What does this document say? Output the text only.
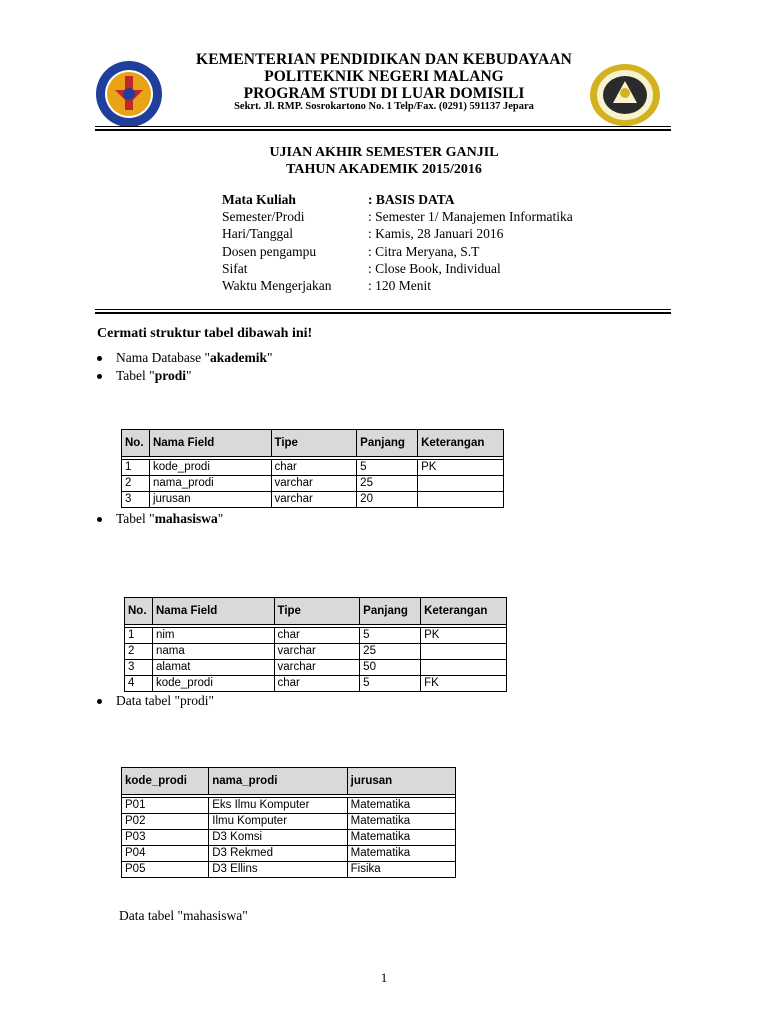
KEMENTERIAN PENDIDIKAN DAN KEBUDAYAAN
POLITEKNIK NEGERI MALANG
PROGRAM STUDI DI LUAR DOMISILI
Sekrt. Jl. RMP. Sosrokartono No. 1 Telp/Fax. (0291) 591137 Jepara
UJIAN AKHIR SEMESTER GANJIL
TAHUN AKADEMIK 2015/2016
Mata Kuliah	: BASIS DATA
Semester/Prodi	: Semester 1/ Manajemen Informatika
Hari/Tanggal	: Kamis, 28 Januari 2016
Dosen pengampu	: Citra Meryana, S.T
Sifat	: Close Book, Individual
Waktu Mengerjakan	: 120 Menit
Cermati struktur tabel dibawah ini!
Nama Database "akademik"
Tabel "prodi"
No.	Nama Field	Tipe	Panjang	Keterangan

1	kode_prodi	char	5	PK
2	nama_prodi	varchar	25	
3	jurusan	varchar	20	
Tabel "mahasiswa"
No.	Nama Field	Tipe	Panjang	Keterangan

1	nim	char	5	PK
2	nama	varchar	25	
3	alamat	varchar	50	
4	kode_prodi	char	5	FK
Data tabel "prodi"
kode_prodi	nama_prodi	jurusan

P01	Eks Ilmu Komputer	Matematika
P02	Ilmu Komputer	Matematika
P03	D3 Komsi	Matematika
P04	D3 Rekmed	Matematika
P05	D3 Ellins	Fisika
Data tabel "mahasiswa"
1
